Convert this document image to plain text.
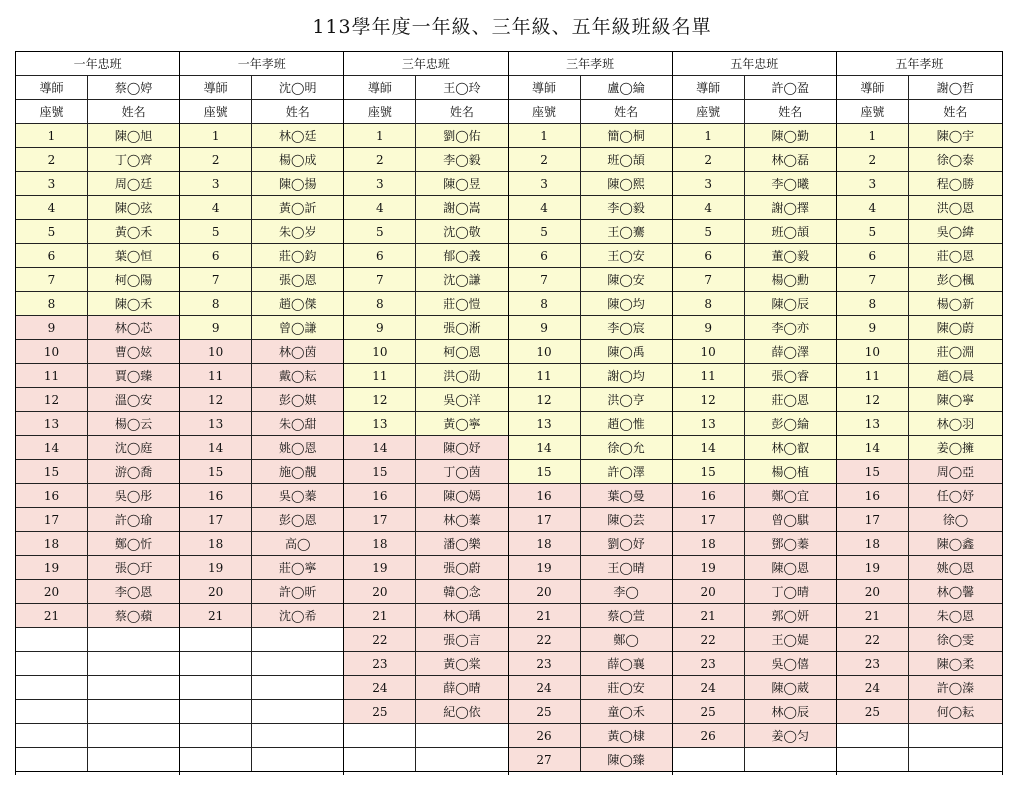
113學年度一年級、三年級、五年級班級名單
一年忠班
導師	蔡◯婷
座號	姓名
1	陳◯旭
2	丁◯齊
3	周◯廷
4	陳◯弦
5	黃◯禾
6	葉◯恒
7	柯◯陽
8	陳◯禾
9	林◯芯
10	曹◯妶
11	賈◯臻
12	溫◯安
13	楊◯云
14	沈◯庭
15	游◯喬
16	吳◯彤
17	許◯瑜
18	鄭◯忻
19	張◯玗
20	李◯恩
21	蔡◯蘋
一年孝班
導師	沈◯明
座號	姓名
1	林◯廷
2	楊◯成
3	陳◯揚
4	黃◯訢
5	朱◯岁
6	莊◯鈞
7	張◯恩
8	趙◯傑
9	曾◯謙
10	林◯茵
11	戴◯耘
12	彭◯娸
13	朱◯甜
14	姚◯恩
15	施◯靚
16	吳◯蓁
17	彭◯恩
18	高◯
19	莊◯寧
20	許◯昕
21	沈◯希
三年忠班
導師	王◯玲
座號	姓名
1	劉◯佑
2	李◯毅
3	陳◯昱
4	謝◯嵩
5	沈◯敬
6	郁◯義
7	沈◯謙
8	莊◯愷
9	張◯淅
10	柯◯恩
11	洪◯劭
12	吳◯洋
13	黃◯寧
14	陳◯妤
15	丁◯茵
16	陳◯嫣
17	林◯蓁
18	潘◯樂
19	張◯蔚
20	韓◯念
21	林◯瑀
22	張◯言
23	黃◯棠
24	薛◯晴
25	紀◯依
三年孝班
導師	盧◯綸
座號	姓名
1	簡◯桐
2	班◯頡
3	陳◯熙
4	李◯毅
5	王◯騫
6	王◯安
7	陳◯安
8	陳◯均
9	李◯宸
10	陳◯禹
11	謝◯均
12	洪◯亨
13	趙◯惟
14	徐◯允
15	許◯澤
16	葉◯曼
17	陳◯芸
18	劉◯妤
19	王◯晴
20	李◯
21	蔡◯萱
22	鄭◯
23	薛◯襄
24	莊◯安
25	童◯禾
26	黃◯棣
27	陳◯臻
五年忠班
導師	許◯盈
座號	姓名
1	陳◯勤
2	林◯磊
3	李◯曦
4	謝◯擇
5	班◯頡
6	董◯毅
7	楊◯勳
8	陳◯辰
9	李◯亦
10	薛◯澤
11	張◯睿
12	莊◯恩
13	彭◯綸
14	林◯叡
15	楊◯植
16	鄭◯宜
17	曾◯騏
18	鄧◯蓁
19	陳◯恩
20	丁◯晴
21	郭◯妍
22	王◯媞
23	吳◯僖
24	陳◯葳
25	林◯辰
26	姜◯匀
五年孝班
導師	謝◯哲
座號	姓名
1	陳◯宇
2	徐◯泰
3	程◯勝
4	洪◯恩
5	吳◯緯
6	莊◯恩
7	彭◯楓
8	楊◯新
9	陳◯蔚
10	莊◯淵
11	趙◯晨
12	陳◯寧
13	林◯羽
14	姜◯擁
15	周◯亞
16	任◯妤
17	徐◯
18	陳◯鑫
19	姚◯恩
20	林◯馨
21	朱◯恩
22	徐◯雯
23	陳◯柔
24	許◯溱
25	何◯耘
